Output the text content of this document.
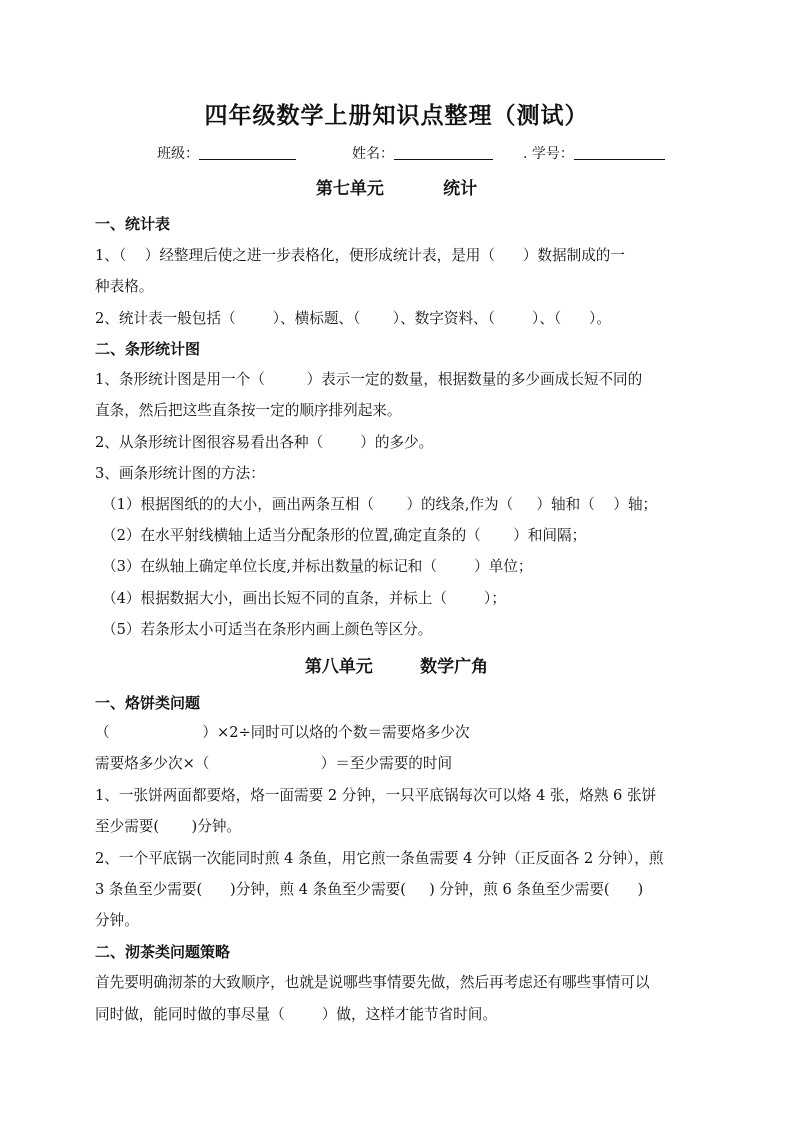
四年级数学上册知识点整理（测试）
班级：	姓名：	. 学号：
第七单元          统计
一、统计表
1、（    ）经整理后使之进一步表格化，便形成统计表，是用（      ）数据制成的一
种表格。
2、统计表一般包括（        ）、横标题、（       ）、数字资料、（        ）、（      ）。
二、条形统计图
1、条形统计图是用一个（         ）表示一定的数量，根据数量的多少画成长短不同的
直条，然后把这些直条按一定的顺序排列起来。
2、从条形统计图很容易看出各种（        ）的多少。
3、画条形统计图的方法：
（1）根据图纸的的大小，画出两条互相（       ）的线条,作为（     ）轴和（    ）轴；
（2）在水平射线横轴上适当分配条形的位置,确定直条的（       ）和间隔；
（3）在纵轴上确定单位长度,并标出数量的标记和（        ）单位；
（4）根据数据大小，画出长短不同的直条，并标上（        ）；
（5）若条形太小可适当在条形内画上颜色等区分。
第八单元        数学广角
一、烙饼类问题
（                    ）×2÷同时可以烙的个数＝需要烙多少次
需要烙多少次×（                        ）＝至少需要的时间
1、一张饼两面都要烙，烙一面需要 2 分钟，一只平底锅每次可以烙 4 张，烙熟 6 张饼
至少需要(       )分钟。
2、一个平底锅一次能同时煎 4 条鱼，用它煎一条鱼需要 4 分钟（正反面各 2 分钟），煎
3 条鱼至少需要(      )分钟，煎 4 条鱼至少需要(     ) 分钟，煎 6 条鱼至少需要(      )
分钟。
二、沏茶类问题策略
首先要明确沏茶的大致顺序，也就是说哪些事情要先做，然后再考虑还有哪些事情可以
同时做，能同时做的事尽量（        ）做，这样才能节省时间。
